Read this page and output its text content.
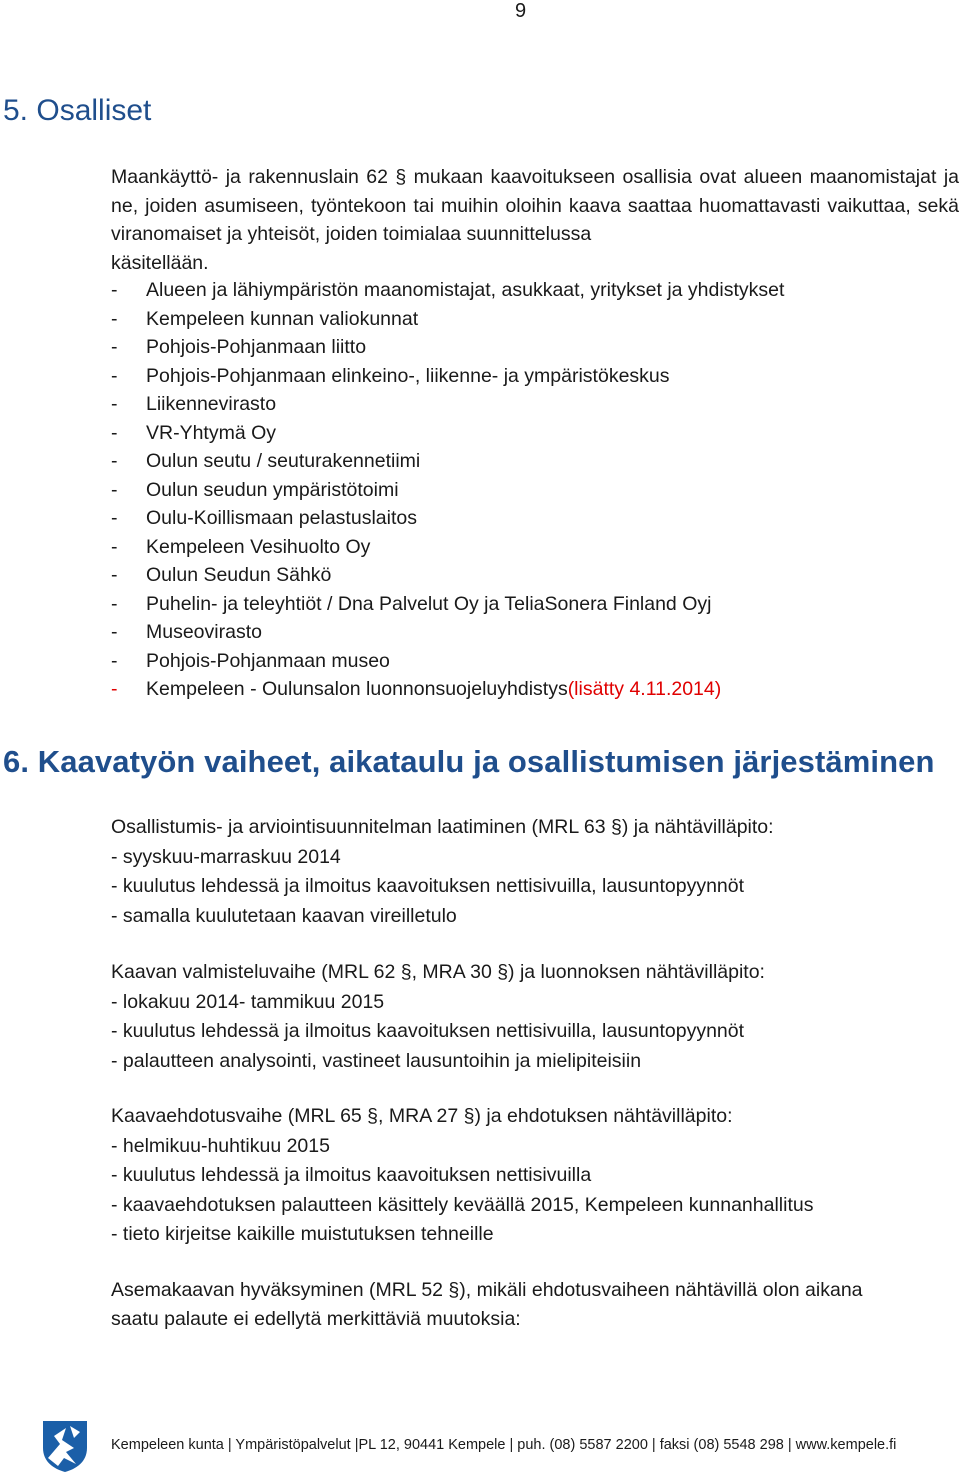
9
5. Osalliset
Maankäyttö- ja rakennuslain 62 § mukaan kaavoitukseen osallisia ovat alueen maanomistajat ja ne, joiden asumiseen, työntekoon tai muihin oloihin kaava saattaa huomattavasti vaikuttaa, sekä viranomaiset ja yhteisöt, joiden toimialaa suunnittelussa
käsitellään.
-	Alueen ja lähiympäristön maanomistajat, asukkaat, yritykset ja yhdistykset
-	Kempeleen kunnan valiokunnat
-	Pohjois-Pohjanmaan liitto
-	Pohjois-Pohjanmaan elinkeino-, liikenne- ja ympäristökeskus
-	Liikennevirasto
-	VR-Yhtymä Oy
-	Oulun seutu / seuturakennetiimi
-	Oulun seudun ympäristötoimi
-	Oulu-Koillismaan pelastuslaitos
-	Kempeleen Vesihuolto Oy
-	Oulun Seudun Sähkö
-	Puhelin- ja teleyhtiöt / Dna Palvelut Oy ja TeliaSonera Finland Oyj
-	Museovirasto
-	Pohjois-Pohjanmaan museo
-	Kempeleen - Oulunsalon luonnonsuojeluyhdistys (lisätty 4.11.2014)
6. Kaavatyön vaiheet, aikataulu ja osallistumisen järjestäminen
Osallistumis- ja arviointisuunnitelman laatiminen (MRL 63 §) ja nähtävilläpito:
- syyskuu-marraskuu 2014
- kuulutus lehdessä ja ilmoitus kaavoituksen nettisivuilla, lausuntopyynnöt
- samalla kuulutetaan kaavan vireilletulo
Kaavan valmisteluvaihe (MRL 62 §, MRA 30 §) ja luonnoksen nähtävilläpito:
- lokakuu 2014- tammikuu 2015
- kuulutus lehdessä ja ilmoitus kaavoituksen nettisivuilla, lausuntopyynnöt
- palautteen analysointi, vastineet lausuntoihin ja mielipiteisiin
Kaavaehdotusvaihe (MRL 65 §, MRA 27 §) ja ehdotuksen nähtävilläpito:
- helmikuu-huhtikuu 2015
- kuulutus lehdessä ja ilmoitus kaavoituksen nettisivuilla
- kaavaehdotuksen palautteen käsittely keväällä 2015, Kempeleen kunnanhallitus
- tieto kirjeitse kaikille muistutuksen tehneille
Asemakaavan hyväksyminen (MRL 52 §), mikäli ehdotusvaiheen nähtävillä olon aikana
saatu palaute ei edellytä merkittäviä muutoksia:
Kempeleen kunta | Ympäristöpalvelut |PL 12, 90441 Kempele | puh. (08) 5587 2200 | faksi (08) 5548 298 | www.kempele.fi
